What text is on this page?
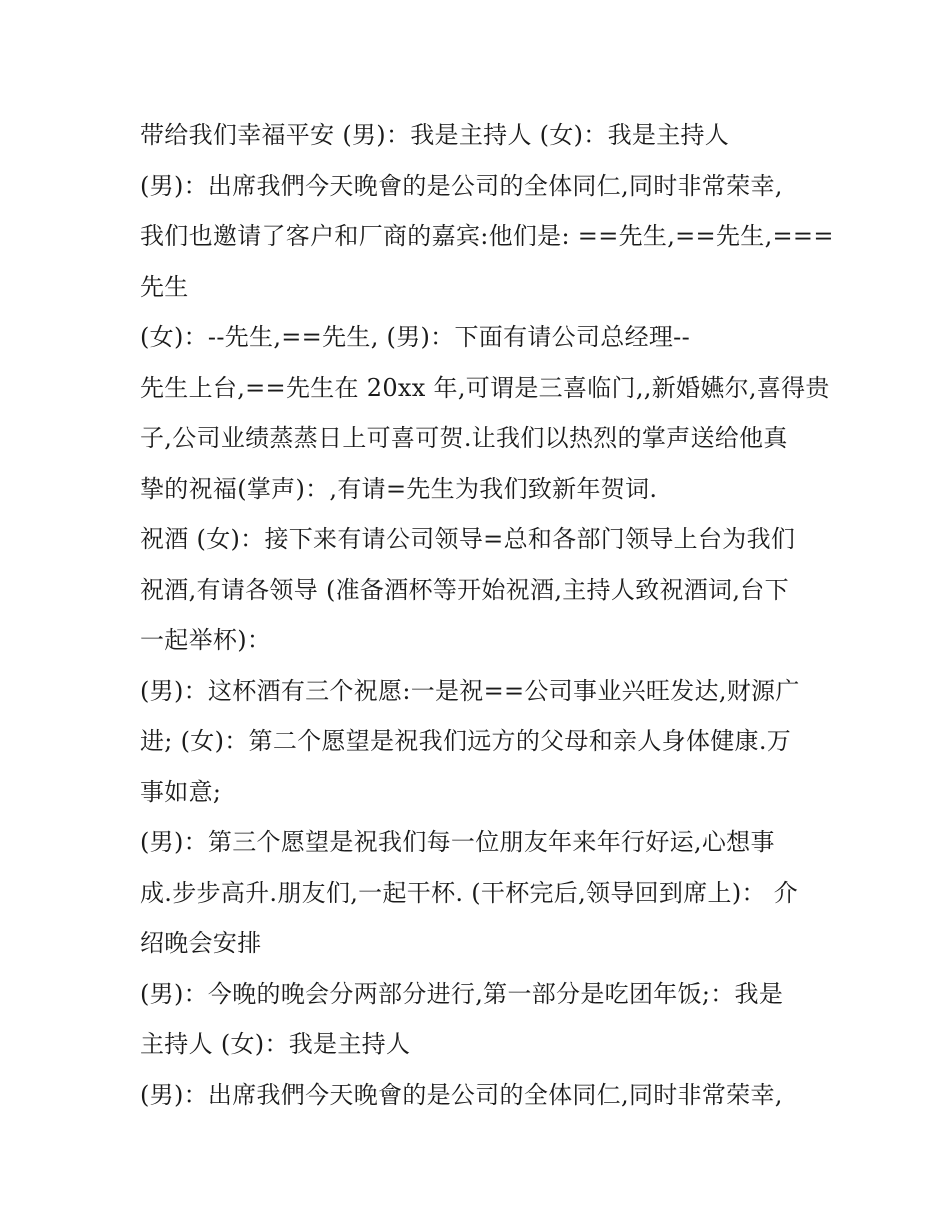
带给我们幸福平安 (男)：我是主持人 (女)：我是主持人
(男)：出席我們今天晚會的是公司的全体同仁,同时非常荣幸,
我们也邀请了客户和厂商的嘉宾:他们是: ==先生,==先生,===
先生
(女)：--先生,==先生, (男)：下面有请公司总经理--
先生上台,==先生在 20xx 年,可谓是三喜临门,,新婚嬿尔,喜得贵
子,公司业绩蒸蒸日上可喜可贺.让我们以热烈的掌声送给他真
挚的祝福(掌声)：,有请=先生为我们致新年贺词.
祝酒 (女)：接下来有请公司领导=总和各部门领导上台为我们
祝酒,有请各领导 (准备酒杯等开始祝酒,主持人致祝酒词,台下
一起举杯)：
(男)：这杯酒有三个祝愿:一是祝==公司事业兴旺发达,财源广
进; (女)：第二个愿望是祝我们远方的父母和亲人身体健康.万
事如意;
(男)：第三个愿望是祝我们每一位朋友年来年行好运,心想事
成.步步高升.朋友们,一起干杯. (干杯完后,领导回到席上)： 介
绍晚会安排
(男)：今晚的晚会分两部分进行,第一部分是吃团年饭;：我是
主持人 (女)：我是主持人
(男)：出席我們今天晚會的是公司的全体同仁,同时非常荣幸,
